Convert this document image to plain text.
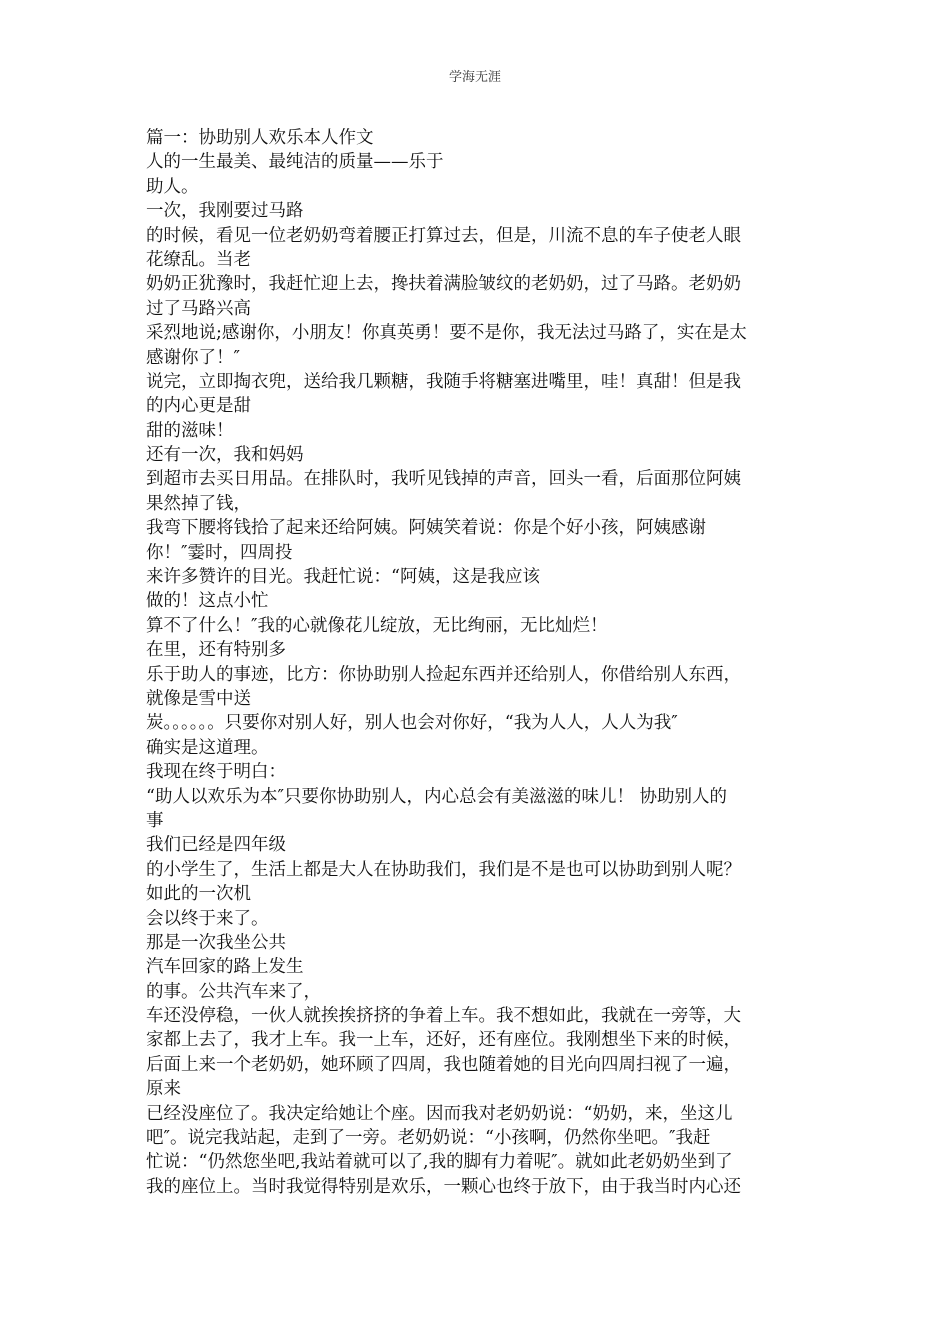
学海无涯
篇一：协助别人欢乐本人作文
人的一生最美、最纯洁的质量——乐于
助人。
一次，我刚要过马路
的时候，看见一位老奶奶弯着腰正打算过去，但是，川流不息的车子使老人眼
花缭乱。当老
奶奶正犹豫时，我赶忙迎上去，搀扶着满脸皱纹的老奶奶，过了马路。老奶奶
过了马路兴高
采烈地说;感谢你，小朋友！你真英勇！要不是你，我无法过马路了，实在是太
感谢你了！″
说完，立即掏衣兜，送给我几颗糖，我随手将糖塞进嘴里，哇！真甜！但是我
的内心更是甜
甜的滋味！
还有一次，我和妈妈
到超市去买日用品。在排队时，我听见钱掉的声音，回头一看，后面那位阿姨
果然掉了钱，
我弯下腰将钱拾了起来还给阿姨。阿姨笑着说：你是个好小孩，阿姨感谢
你！″霎时，四周投
来许多赞许的目光。我赶忙说：“阿姨，这是我应该
做的！这点小忙
算不了什么！″我的心就像花儿绽放，无比绚丽，无比灿烂！
在里，还有特别多
乐于助人的事迹，比方：你协助别人捡起东西并还给别人，你借给别人东西，
就像是雪中送
炭。。。。。。只要你对别人好，别人也会对你好，“我为人人，人人为我″
确实是这道理。
我现在终于明白：
“助人以欢乐为本″只要你协助别人，内心总会有美滋滋的味儿！ 协助别人的
事
我们已经是四年级
的小学生了，生活上都是大人在协助我们，我们是不是也可以协助到别人呢？
如此的一次机
会以终于来了。
那是一次我坐公共
汽车回家的路上发生
的事。公共汽车来了，
车还没停稳，一伙人就挨挨挤挤的争着上车。我不想如此，我就在一旁等，大
家都上去了，我才上车。我一上车，还好，还有座位。我刚想坐下来的时候，
后面上来一个老奶奶，她环顾了四周，我也随着她的目光向四周扫视了一遍，
原来
已经没座位了。我决定给她让个座。因而我对老奶奶说：“奶奶，来，坐这儿
吧″。说完我站起，走到了一旁。老奶奶说：“小孩啊，仍然你坐吧。″我赶
忙说：“仍然您坐吧,我站着就可以了,我的脚有力着呢″。就如此老奶奶坐到了
我的座位上。当时我觉得特别是欢乐，一颗心也终于放下，由于我当时内心还
